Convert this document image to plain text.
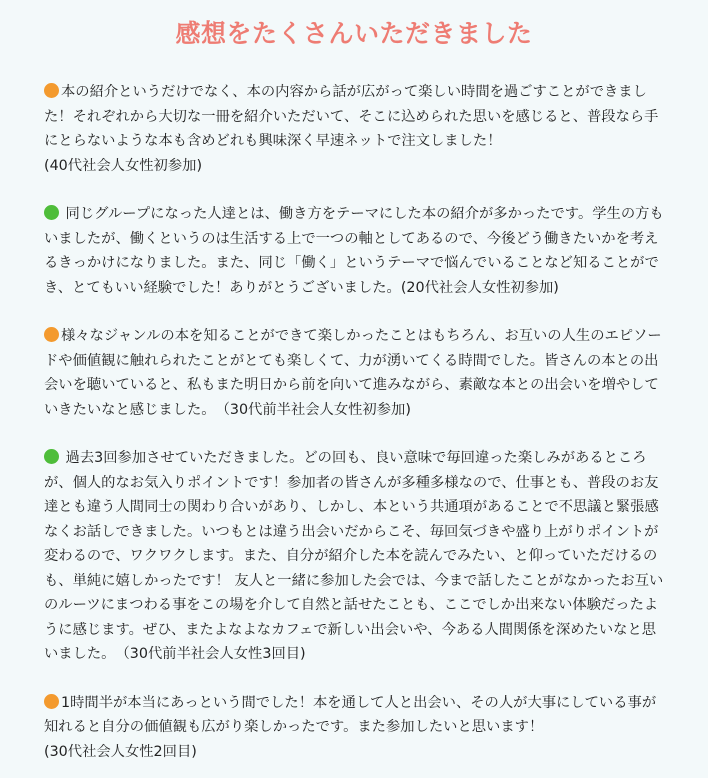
感想をたくさんいただきました

本の紹介というだけでなく、本の内容から話が広がって楽しい時間を過ごすことができました！それぞれから大切な一冊を紹介いただいて、そこに込められた思いを感じると、普段なら手にとらないような本も含めどれも興味深く早速ネットで注文しました！

(40代社会人女性初参加)

同じグループになった人達とは、働き方をテーマにした本の紹介が多かったです。学生の方もいましたが、働くというのは生活する上で一つの軸としてあるので、今後どう働きたいかを考えるきっかけになりました。また、同じ「働く」というテーマで悩んでいることなど知ることができ、とてもいい経験でした！ありがとうございました。

(20代社会人女性初参加)

様々なジャンルの本を知ることができて楽しかったことはもちろん、お互いの人生のエピソードや価値観に触れられたことがとても楽しくて、力が湧いてくる時間でした。皆さんの本との出会いを聴いていると、私もまた明日から前を向いて進みながら、素敵な本との出会いを増やしていきたいなと感じました。

（30代前半社会人女性初参加)

過去3回参加させていただきました。どの回も、良い意味で毎回違った楽しみがあるところが、個人的なお気入りポイントです！参加者の皆さんが多種多様なので、仕事とも、普段のお友達とも違う人間同士の関わり合いがあり、しかし、本という共通項があることで不思議と緊張感なくお話しできました。いつもとは違う出会いだからこそ、毎回気づきや盛り上がりポイントが変わるので、ワクワクします。また、自分が紹介した本を読んでみたい、と仰っていただけるのも、単純に嬉しかったです！ 友人と一緒に参加した会では、今まで話したことがなかったお互いのルーツにまつわる事をこの場を介して自然と話せたことも、ここでしか出来ない体験だったように感じます。ぜひ、またよなよなカフェで新しい出会いや、今ある人間関係を深めたいなと思いました。

（30代前半社会人女性3回目)

1時間半が本当にあっという間でした！本を通して人と出会い、その人が大事にしている事が知れると自分の価値観も広がり楽しかったです。また参加したいと思います！

(30代社会人女性2回目)
